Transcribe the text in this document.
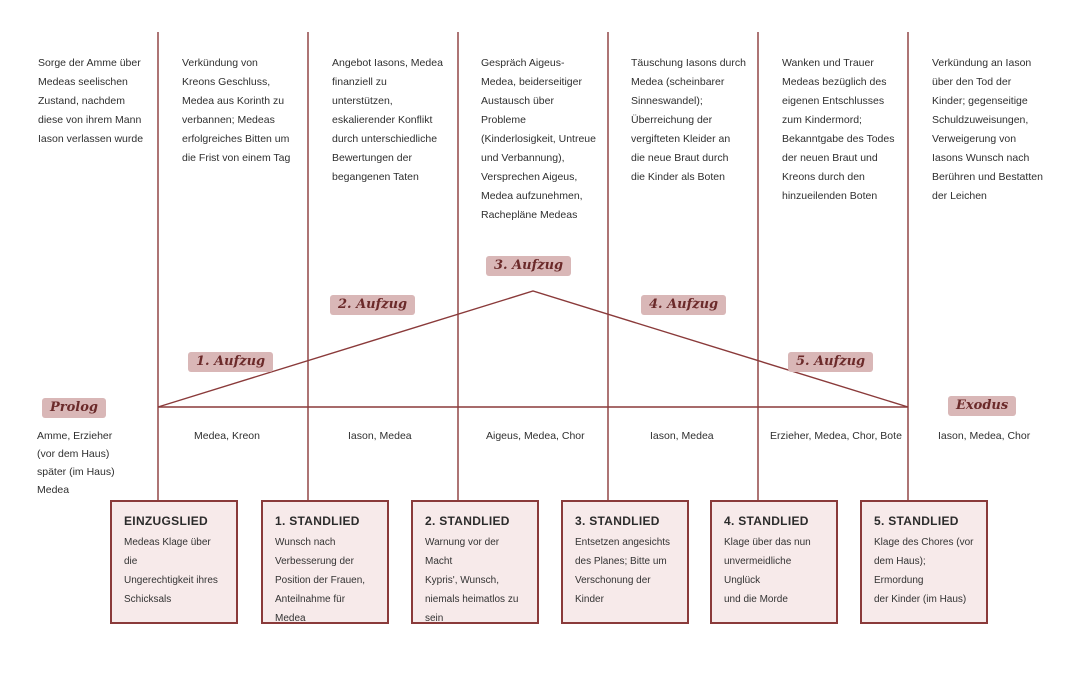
Sorge der Amme über
Medeas seelischen
Zustand, nachdem
diese von ihrem Mann
Iason verlassen wurde
Verkündung von
Kreons Geschluss,
Medea aus Korinth zu
verbannen; Medeas
erfolgreiches Bitten um
die Frist von einem Tag
Angebot Iasons, Medea
finanziell zu
unterstützen,
eskalierender Konflikt
durch unterschiedliche
Bewertungen der
begangenen Taten
Gespräch Aigeus-
Medea, beiderseitiger
Austausch über
Probleme
(Kinderlosigkeit, Untreue
und Verbannung),
Versprechen Aigeus,
Medea aufzunehmen,
Rachepläne Medeas
Täuschung Iasons durch
Medea (scheinbarer
Sinneswandel);
Überreichung der
vergifteten Kleider an
die neue Braut durch
die Kinder als Boten
Wanken und Trauer
Medeas bezüglich des
eigenen Entschlusses
zum Kindermord;
Bekanntgabe des Todes
der neuen Braut und
Kreons durch den
hinzueilenden Boten
Verkündung an Iason
über den Tod der
Kinder; gegenseitige
Schuldzuweisungen,
Verweigerung von
Iasons Wunsch nach
Berühren und Bestatten
der Leichen
1. Aufzug
2. Aufzug
3. Aufzug
4. Aufzug
5. Aufzug
Prolog	Exodus
Amme, Erzieher
(vor dem Haus)
später (im Haus)
Medea
Medea, Kreon	Iason, Medea	Aigeus, Medea, Chor	Iason, Medea	Erzieher, Medea, Chor, Bote	Iason, Medea, Chor
EINZUGSLIED
Medeas Klage über die
Ungerechtigkeit ihres
Schicksals
1. STANDLIED
Wunsch nach
Verbesserung der
Position der Frauen,
Anteilnahme für Medea
2. STANDLIED
Warnung vor der Macht
Kypris', Wunsch,
niemals heimatlos zu
sein
3. STANDLIED
Entsetzen angesichts
des Planes; Bitte um
Verschonung der Kinder
4. STANDLIED
Klage über das nun
unvermeidliche Unglück
und die Morde
5. STANDLIED
Klage des Chores (vor
dem Haus); Ermordung
der Kinder (im Haus)
